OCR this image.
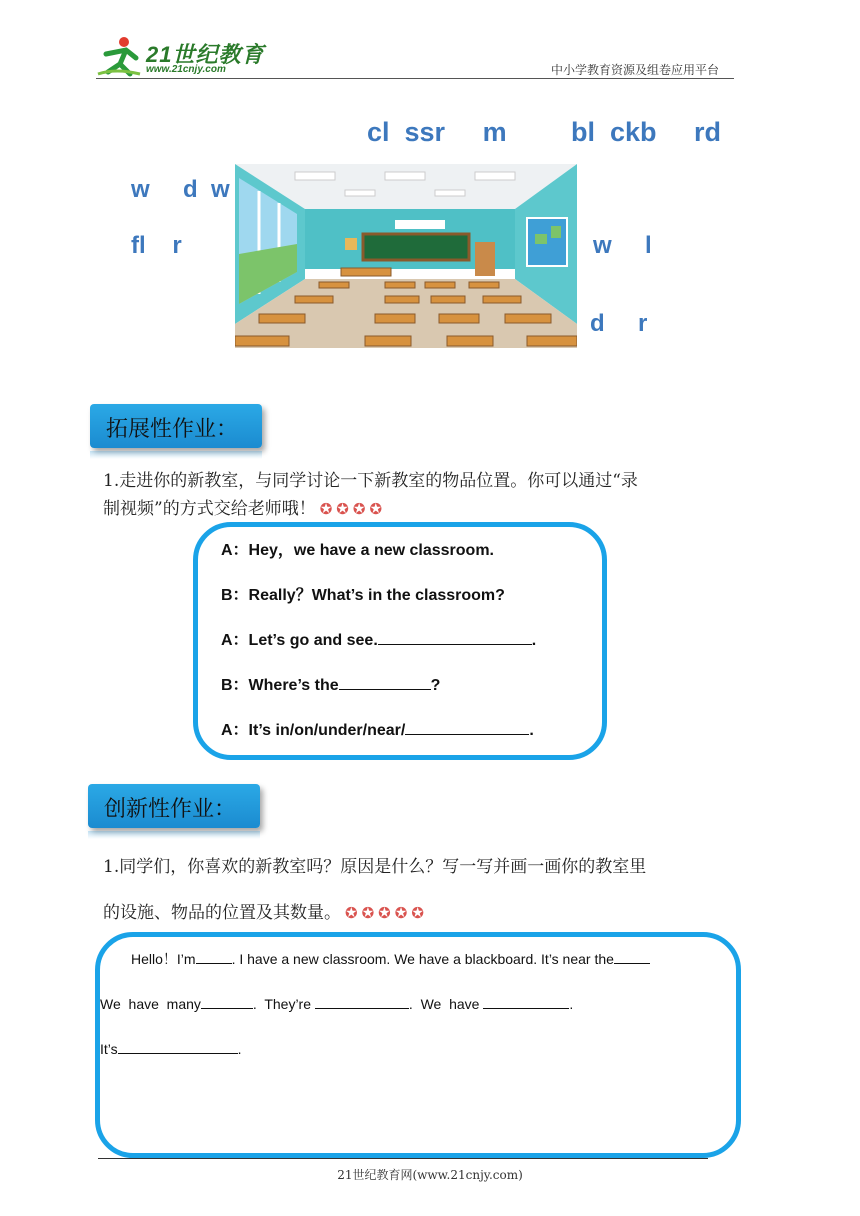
21世纪教育
www.21cnjy.com	中小学教育资源及组卷应用平台
cl  ssr     m bl  ckb     rd
w     d  w
fl    r	w     l
d     r
拓展性作业：
1.走进你的新教室，与同学讨论一下新教室的物品位置。你可以通过“录
制视频”的方式交给老师哦！ ✪ ✪ ✪ ✪
A：Hey，we have a new classroom.
B：Really？What’s in the classroom?
A：Let’s go and see.	.
B：Where’s the	?
A：It’s in/on/under/near/	.
创新性作业：
1.同学们，你喜欢的新教室吗？原因是什么？写一写并画一画你的教室里
的设施、物品的位置及其数量。 ✪ ✪ ✪ ✪ ✪
Hello！I’m	. I have a new classroom. We have a blackboard. It’s near the
We  have  many	.  They’re	.  We  have	.
It’s	.
21世纪教育网(www.21cnjy.com)
